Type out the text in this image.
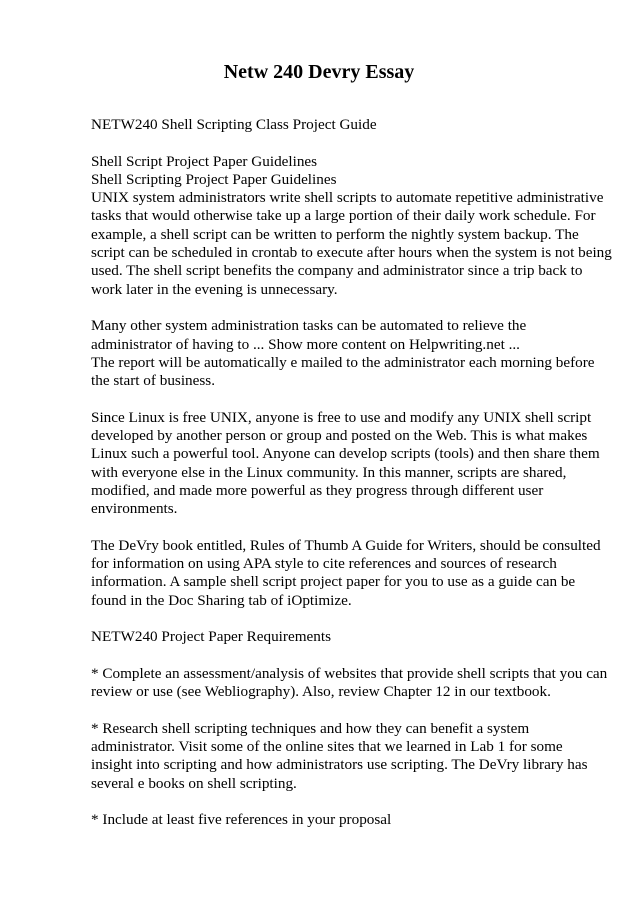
Netw 240 Devry Essay

NETW240 Shell Scripting Class Project Guide

Shell Script Project Paper Guidelines
Shell Scripting Project Paper Guidelines
UNIX system administrators write shell scripts to automate repetitive administrative
tasks that would otherwise take up a large portion of their daily work schedule. For
example, a shell script can be written to perform the nightly system backup. The
script can be scheduled in crontab to execute after hours when the system is not being
used. The shell script benefits the company and administrator since a trip back to
work later in the evening is unnecessary.

Many other system administration tasks can be automated to relieve the
administrator of having to ... Show more content on Helpwriting.net ...
The report will be automatically e mailed to the administrator each morning before
the start of business.

Since Linux is free UNIX, anyone is free to use and modify any UNIX shell script
developed by another person or group and posted on the Web. This is what makes
Linux such a powerful tool. Anyone can develop scripts (tools) and then share them
with everyone else in the Linux community. In this manner, scripts are shared,
modified, and made more powerful as they progress through different user
environments.

The DeVry book entitled, Rules of Thumb A Guide for Writers, should be consulted
for information on using APA style to cite references and sources of research
information. A sample shell script project paper for you to use as a guide can be
found in the Doc Sharing tab of iOptimize.

NETW240 Project Paper Requirements

* Complete an assessment/analysis of websites that provide shell scripts that you can
review or use (see Webliography). Also, review Chapter 12 in our textbook.

* Research shell scripting techniques and how they can benefit a system
administrator. Visit some of the online sites that we learned in Lab 1 for some
insight into scripting and how administrators use scripting. The DeVry library has
several e books on shell scripting.

* Include at least five references in your proposal
